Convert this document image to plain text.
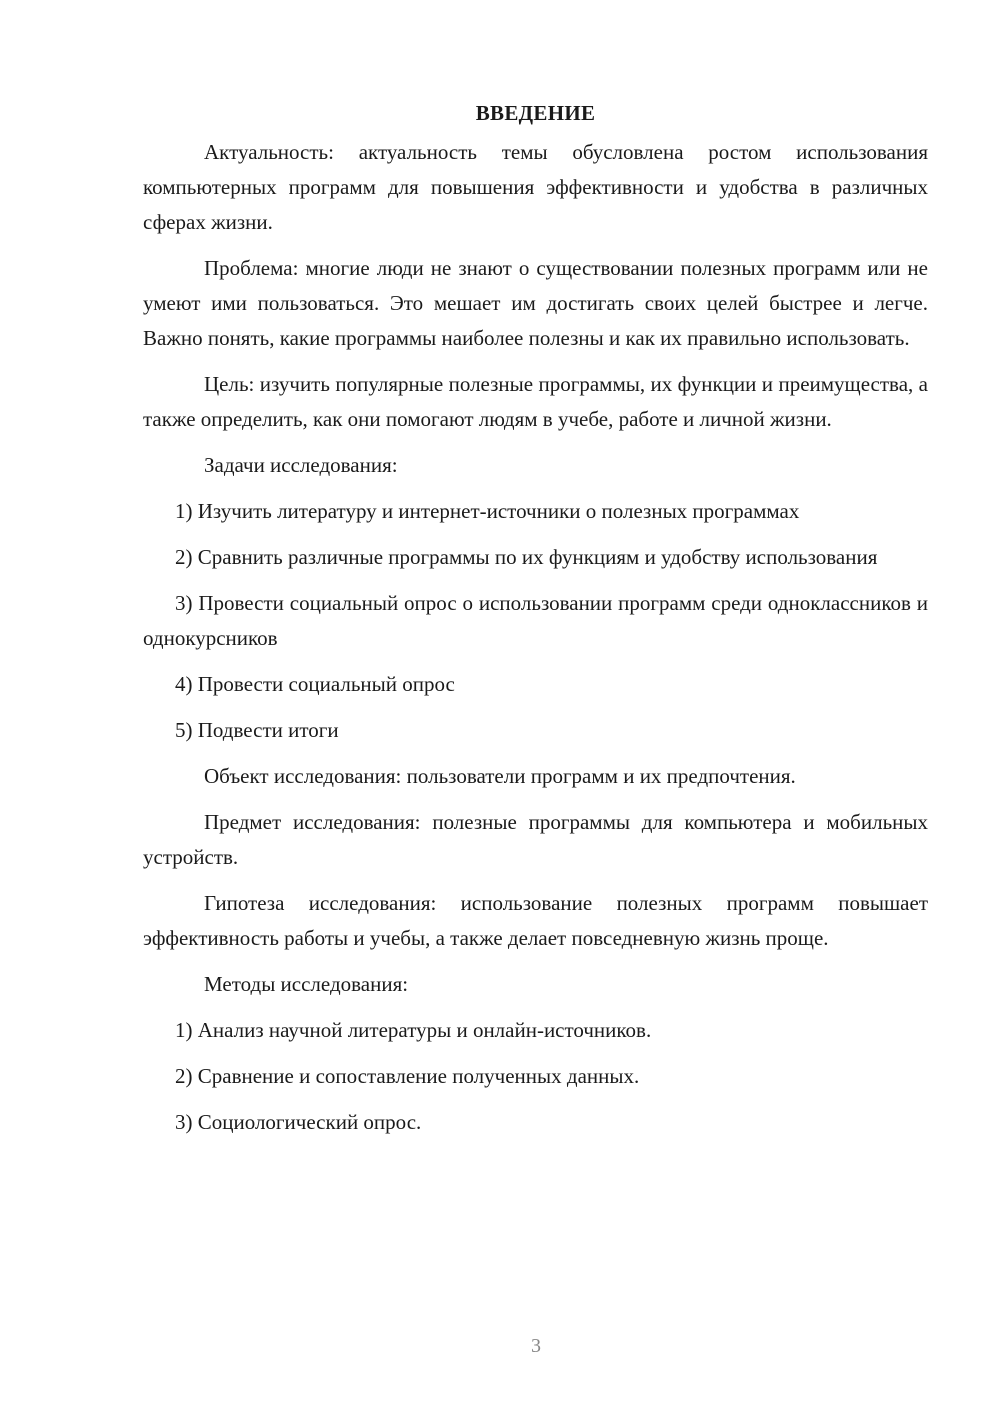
ВВЕДЕНИЕ

Актуальность: актуальность темы обусловлена ростом использования компьютерных программ для повышения эффективности и удобства в различных сферах жизни.

Проблема: многие люди не знают о существовании полезных программ или не умеют ими пользоваться. Это мешает им достигать своих целей быстрее и легче. Важно понять, какие программы наиболее полезны и как их правильно использовать.

Цель: изучить популярные полезные программы, их функции и преимущества, а также определить, как они помогают людям в учебе, работе и личной жизни.

Задачи исследования:

1) Изучить литературу и интернет-источники о полезных программах

2) Сравнить различные программы по их функциям и удобству использования

3) Провести социальный опрос о использовании программ среди одноклассников и однокурсников

4) Провести социальный опрос

5) Подвести итоги

Объект исследования: пользователи программ и их предпочтения.

Предмет исследования: полезные программы для компьютера и мобильных устройств.

Гипотеза исследования: использование полезных программ повышает эффективность работы и учебы, а также делает повседневную жизнь проще.

Методы исследования:

1) Анализ научной литературы и онлайн-источников.

2) Сравнение и сопоставление полученных данных.

3) Социологический опрос.

3
